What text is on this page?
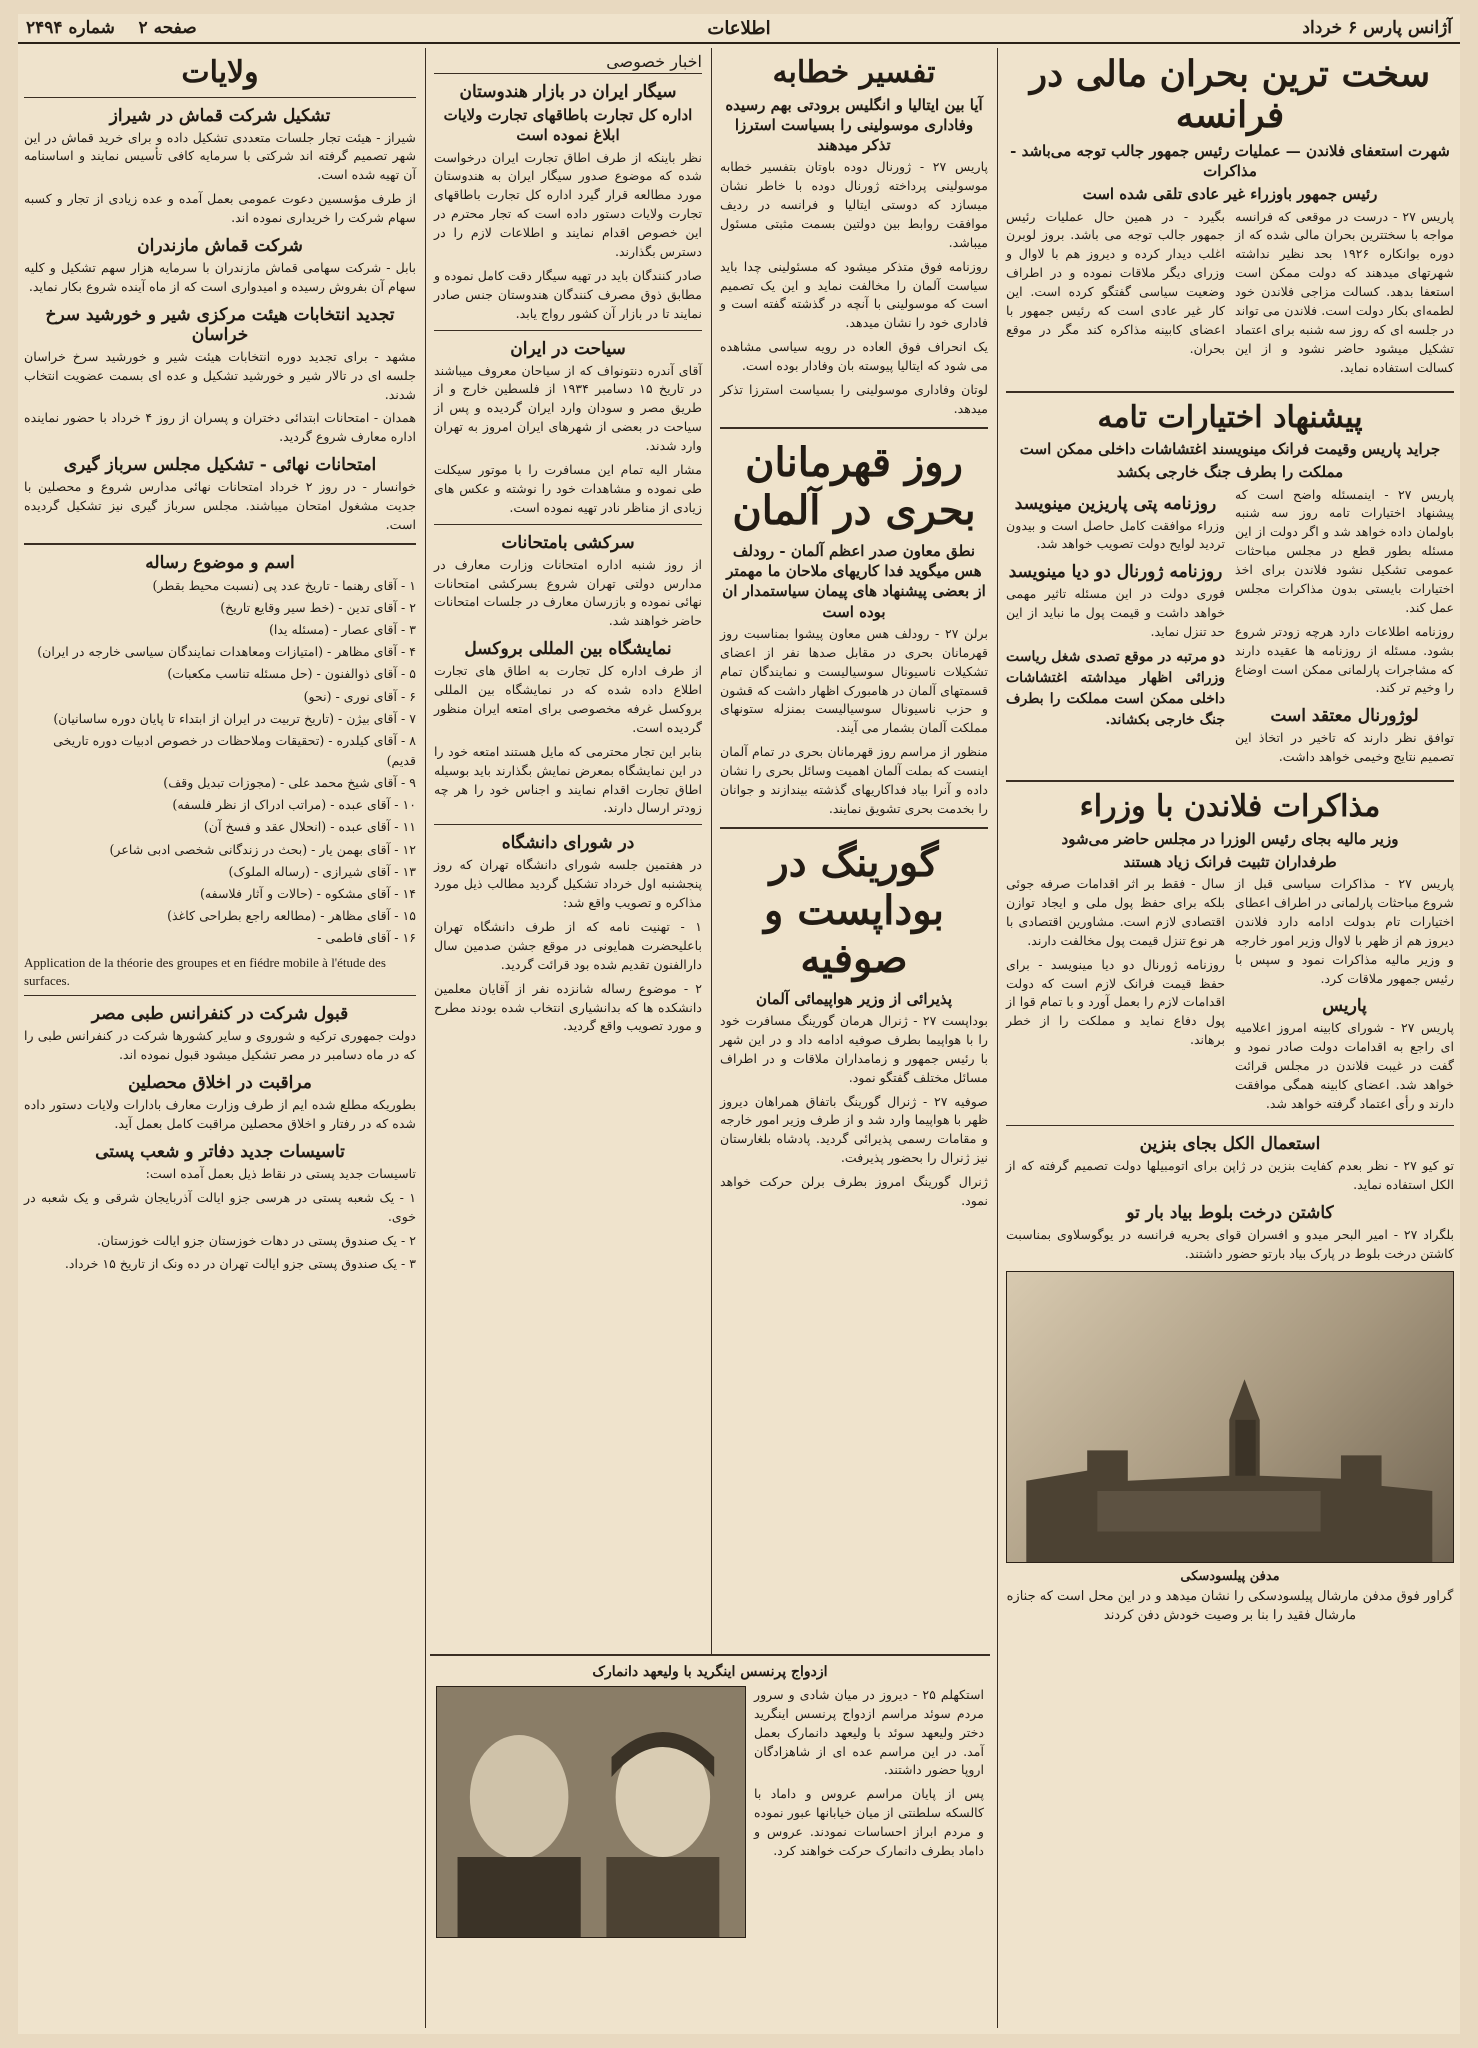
آژانس پارس ۶ خرداد
اطلاعات
صفحه ۲    شماره ۲۴۹۴
سخت ترین بحران مالی در فرانسه
شهرت استعفای فلاندن — عملیات رئیس جمهور جالب توجه می‌باشد - مذاکرات
رئیس جمهور باوزراء غیر عادی تلقی شده است

پاریس ۲۷ - درست در موقعی که فرانسه مواجه با سختترین بحران مالی شده که از دوره بوانکاره ۱۹۲۶ بحد نظیر نداشته شهرتهای میدهند که دولت ممکن است استعفا بدهد. کسالت مزاجی فلاندن خود لطمه‌ای بکار دولت است. فلاندن می تواند در جلسه ای که روز سه شنبه برای اعتماد تشکیل میشود حاضر نشود و از این کسالت استفاده نماید.

بگیرد - در همین حال عملیات رئیس جمهور جالب توجه می باشد. بروز لوبرن اغلب دیدار کرده و دیروز هم با لاوال و وزرای دیگر ملاقات نموده و در اطراف وضعیت سیاسی گفتگو کرده است. این کار غیر عادی است که رئیس جمهور با اعضای کابینه مذاکره کند مگر در موقع بحران.

پیشنهاد اختیارات تامه
جراید پاریس وقیمت فرانک مینویسند اغتشاشات داخلی ممکن است
مملکت را بطرف جنگ خارجی بکشد

پاریس ۲۷ - اینمسئله واضح است که پیشنهاد اختیارات تامه روز سه شنبه باولمان داده خواهد شد و اگر دولت از این مسئله بطور قطع در مجلس مباحثات عمومی تشکیل نشود فلاندن برای اخذ اختیارات بایستی بدون مذاکرات مجلس عمل کند.

روزنامه اطلاعات دارد هرچه زودتر شروع بشود. مسئله از روزنامه ها عقیده دارند که مشاجرات پارلمانی ممکن است اوضاع را وخیم تر کند.

لوژورنال معتقد است

توافق نظر دارند که تاخیر در اتخاذ این تصمیم نتایج وخیمی خواهد داشت.

روزنامه پتی پاریزین مینویسد

وزراء موافقت کامل حاصل است و بیدون تردید لوایح دولت تصویب خواهد شد.

روزنامه ژورنال دو دیا مینویسد

فوری دولت در این مسئله تاثیر مهمی خواهد داشت و قیمت پول ما نباید از این حد تنزل نماید.

دو مرتبه در موقع تصدی شغل ریاست وزرائی اظهار میداشته اغتشاشات داخلی ممکن است مملکت را بطرف جنگ خارجی بکشاند.

مذاکرات فلاندن با وزراء
وزیر مالیه بجای رئیس الوزرا در مجلس حاضر می‌شود
طرفداران تثبیت فرانک زیاد هستند

پاریس ۲۷ - مذاکرات سیاسی قبل از شروع مباحثات پارلمانی در اطراف اعطای اختیارات تام بدولت ادامه دارد فلاندن دیروز هم از ظهر با لاوال وزیر امور خارجه و وزیر مالیه مذاکرات نمود و سپس با رئیس جمهور ملاقات کرد.

پاریس

پاریس ۲۷ - شورای کابینه امروز اعلامیه ای راجع به اقدامات دولت صادر نمود و گفت در غیبت فلاندن در مجلس قرائت خواهد شد. اعضای کابینه همگی موافقت دارند و رأی اعتماد گرفته خواهد شد.

سال - فقط بر اثر اقدامات صرفه جوئی بلکه برای حفظ پول ملی و ایجاد توازن اقتصادی لازم است. مشاورین اقتصادی با هر نوع تنزل قیمت پول مخالفت دارند.

روزنامه ژورنال دو دیا مینویسد - برای حفظ قیمت فرانک لازم است که دولت اقدامات لازم را بعمل آورد و با تمام قوا از پول دفاع نماید و مملکت را از خطر برهاند.

استعمال الکل بجای بنزین

تو کیو ۲۷ - نظر بعدم کفایت بنزین در ژاپن برای اتومبیلها دولت تصمیم گرفته که از الکل استفاده نماید.

کاشتن درخت بلوط بیاد بار تو

بلگراد ۲۷ - امیر البحر میدو و افسران قوای بحریه فرانسه در یوگوسلاوی بمناسبت کاشتن درخت بلوط در پارک بیاد بارتو حضور داشتند.

مدفن پیلسودسکی
گراور فوق مدفن مارشال پیلسودسکی را نشان میدهد و در این محل است که جنازه مارشال فقید را بنا بر وصیت خودش دفن کردند
تفسیر خطابه
آیا بین ایتالیا و انگلیس برودتی بهم رسیده وفاداری موسولینی را بسیاست استرزا تذکر میدهند

پاریس ۲۷ - ژورنال دوده باوتان بتفسیر خطابه موسولینی پرداخته ژورنال دوده با خاطر نشان میسازد که دوستی ایتالیا و فرانسه در ردیف موافقت روابط بین دولتین بسمت مثبتی مسئول میباشد.

روزنامه فوق متذکر میشود که مسئولینی چدا باید سیاست آلمان را مخالفت نماید و این یک تصمیم است که موسولینی با آنچه در گذشته گفته است و فاداری خود را نشان میدهد.

یک انحراف فوق العاده در رویه سیاسی مشاهده می شود که ایتالیا پیوسته بان وفادار بوده است.

لوتان وفاداری موسولینی را بسیاست استرزا تذکر میدهد.

روز قهرمانان بحری در آلمان
نطق معاون صدر اعظم آلمان - رودلف هس میگوید فدا کاریهای ملاحان ما مهمتر از بعضی پیشنهاد های پیمان سیاستمدار ان بوده است

برلن ۲۷ - رودلف هس معاون پیشوا بمناسبت روز قهرمانان بحری در مقابل صدها نفر از اعضای تشکیلات ناسیونال سوسیالیست و نمایندگان تمام قسمتهای آلمان در هامبورک اظهار داشت که قشون و حزب ناسیونال سوسیالیست بمنزله ستونهای مملکت آلمان بشمار می آیند.

منظور از مراسم روز قهرمانان بحری در تمام آلمان اینست که بملت آلمان اهمیت وسائل بحری را نشان داده و آنرا بیاد فداکاریهای گذشته بیندازند و جوانان را بخدمت بحری تشویق نمایند.

گورینگ در بوداپست و صوفیه
پذیرائی از وزیر هواپیمائی آلمان

بوداپست ۲۷ - ژنرال هرمان گورینگ مسافرت خود را با هواپیما بطرف صوفیه ادامه داد و در این شهر با رئیس جمهور و زمامداران ملاقات و در اطراف مسائل مختلف گفتگو نمود.

صوفیه ۲۷ - ژنرال گورینگ باتفاق همراهان دیروز ظهر با هواپیما وارد شد و از طرف وزیر امور خارجه و مقامات رسمی پذیرائی گردید. پادشاه بلغارستان نیز ژنرال را بحضور پذیرفت.

ژنرال گورینگ امروز بطرف برلن حرکت خواهد نمود.

اخبار خصوصی
سیگار ایران در بازار هندوستان
اداره کل تجارت باطاقهای تجارت ولایات ابلاغ نموده است

نظر باینکه از طرف اطاق تجارت ایران درخواست شده که موضوع صدور سیگار ایران به هندوستان مورد مطالعه قرار گیرد اداره کل تجارت باطاقهای تجارت ولایات دستور داده است که تجار محترم در این خصوص اقدام نمایند و اطلاعات لازم را در دسترس بگذارند.

صادر کنندگان باید در تهیه سیگار دقت کامل نموده و مطابق ذوق مصرف کنندگان هندوستان جنس صادر نمایند تا در بازار آن کشور رواج یابد.

سیاحت در ایران

آقای آندره دنتونواف که از سیاحان معروف میباشند در تاریخ ۱۵ دسامبر ۱۹۳۴ از فلسطین خارج و از طریق مصر و سودان وارد ایران گردیده و پس از سیاحت در بعضی از شهرهای ایران امروز به تهران وارد شدند.

مشار الیه تمام این مسافرت را با موتور سیکلت طی نموده و مشاهدات خود را نوشته و عکس های زیادی از مناظر نادر تهیه نموده است.

سرکشی بامتحانات

از روز شنبه اداره امتحانات وزارت معارف در مدارس دولتی تهران شروع بسرکشی امتحانات نهائی نموده و بازرسان معارف در جلسات امتحانات حاضر خواهند شد.

نمایشگاه بین المللی بروکسل

از طرف اداره کل تجارت به اطاق های تجارت اطلاع داده شده که در نمایشگاه بین المللی بروکسل غرفه مخصوصی برای امتعه ایران منظور گردیده است.

بنابر این تجار محترمی که مایل هستند امتعه خود را در این نمایشگاه بمعرض نمایش بگذارند باید بوسیله اطاق تجارت اقدام نمایند و اجناس خود را هر چه زودتر ارسال دارند.

در شورای دانشگاه

در هفتمین جلسه شورای دانشگاه تهران که روز پنجشنبه اول خرداد تشکیل گردید مطالب ذیل مورد مذاکره و تصویب واقع شد:

۱ - تهنیت نامه که از طرف دانشگاه تهران باعلیحضرت همایونی در موقع جشن صدمین سال دارالفنون تقدیم شده بود قرائت گردید.

۲ - موضوع رساله شانزده نفر از آقایان معلمین دانشکده ها که بدانشیاری انتخاب شده بودند مطرح و مورد تصویب واقع گردید.

ولایات
تشکیل شرکت قماش در شیراز

شیراز - هیئت تجار جلسات متعددی تشکیل داده و برای خرید قماش در این شهر تصمیم گرفته اند شرکتی با سرمایه کافی تأسیس نمایند و اساسنامه آن تهیه شده است.

از طرف مؤسسین دعوت عمومی بعمل آمده و عده زیادی از تجار و کسبه سهام شرکت را خریداری نموده اند.

شرکت قماش مازندران

بابل - شرکت سهامی قماش مازندران با سرمایه هزار سهم تشکیل و کلیه سهام آن بفروش رسیده و امیدواری است که از ماه آینده شروع بکار نماید.

تجدید انتخابات هیئت مرکزی شیر و خورشید سرخ خراسان

مشهد - برای تجدید دوره انتخابات هیئت شیر و خورشید سرخ خراسان جلسه ای در تالار شیر و خورشید تشکیل و عده ای بسمت عضویت انتخاب شدند.

همدان - امتحانات ابتدائی دختران و پسران از روز ۴ خرداد با حضور نماینده اداره معارف شروع گردید.

امتحانات نهائی - تشکیل مجلس سرباز گیری

خوانسار - در روز ۲ خرداد امتحانات نهائی مدارس شروع و محصلین با جدیت مشغول امتحان میباشند. مجلس سرباز گیری نیز تشکیل گردیده است.

اسم و موضوع رساله
۱ - آقای رهنما - تاریخ عدد پی (نسبت محیط بقطر)
۲ - آقای تدین - (خط سیر وقایع تاریخ)
۳ - آقای عصار - (مسئله یدا)
۴ - آقای مظاهر - (امتیازات ومعاهدات نمایندگان سیاسی خارجه در ایران)
۵ - آقای ذوالفنون - (حل مسئله تناسب مکعبات)
۶ - آقای نوری - (نحو)
۷ - آقای بیژن - (تاریخ تربیت در ایران از ابتداء تا پایان دوره ساسانیان)
۸ - آقای کیلدره - (تحقیقات وملاحظات در خصوص ادبیات دوره تاریخی قدیم)
۹ - آقای شیخ محمد علی - (مجوزات تبدیل وقف)
۱۰ - آقای عبده - (مراتب ادراک از نظر فلسفه)
۱۱ - آقای عبده - (انحلال عقد و فسخ آن)
۱۲ - آقای بهمن یار - (بحث در زندگانی شخصی ادبی شاعر)
۱۳ - آقای شیرازی - (رساله الملوک)
۱۴ - آقای مشکوه - (حالات و آثار فلاسفه)
۱۵ - آقای مظاهر - (مطالعه راجع بطراحی کاغذ)
۱۶ - آقای فاطمی -
Application de la théorie des groupes et en fiédre mobile à l'étude des surfaces.
قبول شرکت در کنفرانس طبی مصر

دولت جمهوری ترکیه و شوروی و سایر کشورها شرکت در کنفرانس طبی را که در ماه دسامبر در مصر تشکیل میشود قبول نموده اند.

مراقبت در اخلاق محصلین

بطوریکه مطلع شده ایم از طرف وزارت معارف بادارات ولایات دستور داده شده که در رفتار و اخلاق محصلین مراقبت کامل بعمل آید.

تاسیسات جدید دفاتر و شعب پستی

تاسیسات جدید پستی در نقاط ذیل بعمل آمده است:

۱ - یک شعبه پستی در هرسی جزو ایالت آذربایجان شرقی و یک شعبه در خوی.

۲ - یک صندوق پستی در دهات خوزستان جزو ایالت خوزستان.

۳ - یک صندوق پستی جزو ایالت تهران در ده ونک از تاریخ ۱۵ خرداد.

ازدواج پرنسس اینگرید با ولیعهد دانمارک

استکهلم ۲۵ - دیروز در میان شادی و سرور مردم سوئد مراسم ازدواج پرنسس اینگرید دختر ولیعهد سوئد با ولیعهد دانمارک بعمل آمد. در این مراسم عده ای از شاهزادگان اروپا حضور داشتند.

پس از پایان مراسم عروس و داماد با کالسکه سلطنتی از میان خیابانها عبور نموده و مردم ابراز احساسات نمودند. عروس و داماد بطرف دانمارک حرکت خواهند کرد.
